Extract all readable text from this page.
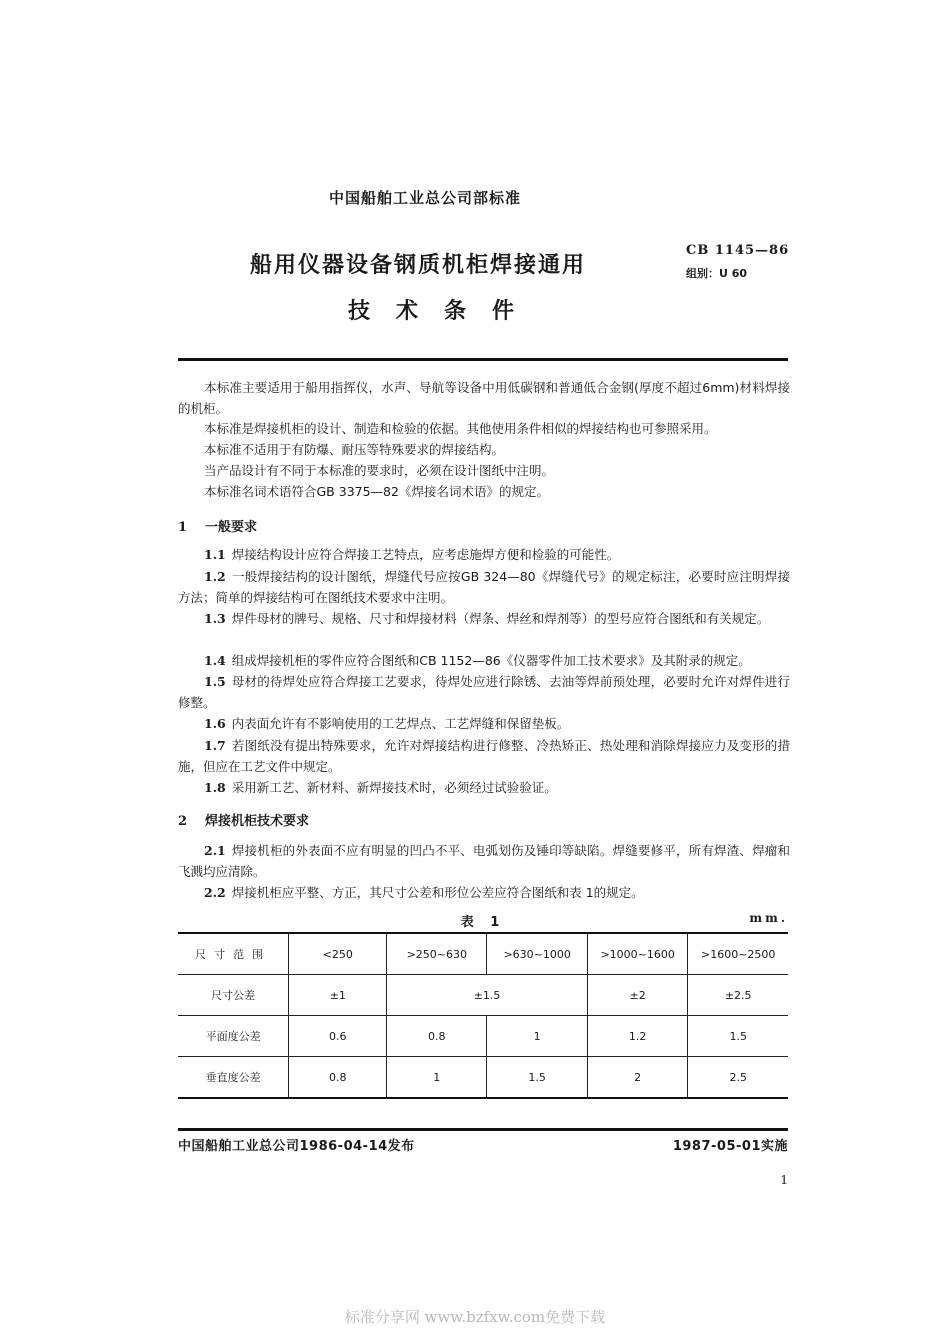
中国船舶工业总公司部标准
船用仪器设备钢质机柜焊接通用
技术条件
CB 1145—86
组别：U 60
本标准主要适用于船用指挥仪，水声、导航等设备中用低碳钢和普通低合金钢(厚度不超过6mm)材料焊接的机柜。
本标准是焊接机柜的设计、制造和检验的依据。其他使用条件相似的焊接结构也可参照采用。
本标准不适用于有防爆、耐压等特殊要求的焊接结构。
当产品设计有不同于本标准的要求时，必须在设计图纸中注明。
本标准名词术语符合GB 3375—82《焊接名词术语》的规定。
1 一般要求
1.1 焊接结构设计应符合焊接工艺特点，应考虑施焊方便和检验的可能性。
1.2 一般焊接结构的设计图纸，焊缝代号应按GB 324—80《焊缝代号》的规定标注，必要时应注明焊接方法；简单的焊接结构可在图纸技术要求中注明。
1.3 焊件母材的牌号、规格、尺寸和焊接材料（焊条、焊丝和焊剂等）的型号应符合图纸和有关规定。
1.4 组成焊接机柜的零件应符合图纸和CB 1152—86《仪器零件加工技术要求》及其附录的规定。
1.5 母材的待焊处应符合焊接工艺要求，待焊处应进行除锈、去油等焊前预处理，必要时允许对焊件进行修整。
1.6 内表面允许有不影响使用的工艺焊点、工艺焊缝和保留垫板。
1.7 若图纸没有提出特殊要求，允许对焊接结构进行修整、冷热矫正、热处理和消除焊接应力及变形的措施，但应在工艺文件中规定。
1.8 采用新工艺、新材料、新焊接技术时，必须经过试验验证。
2 焊接机柜技术要求
2.1 焊接机柜的外表面不应有明显的凹凸不平、电弧划伤及锤印等缺陷。焊缝要修平，所有焊渣、焊瘤和飞溅均应清除。
2.2 焊接机柜应平整、方正，其尺寸公差和形位公差应符合图纸和表 1的规定。
表 1	mm.
尺寸范围	<250	>250~630	>630~1000	>1000~1600	>1600~2500
尺寸公差	±1	±1.5		±2	±2.5
平面度公差	0.6	0.8	1	1.2	1.5
垂直度公差	0.8	1	1.5	2	2.5
中国船舶工业总公司1986-04-14发布	1987-05-01实施
1
标准分享网 www.bzfxw.com免费下载
